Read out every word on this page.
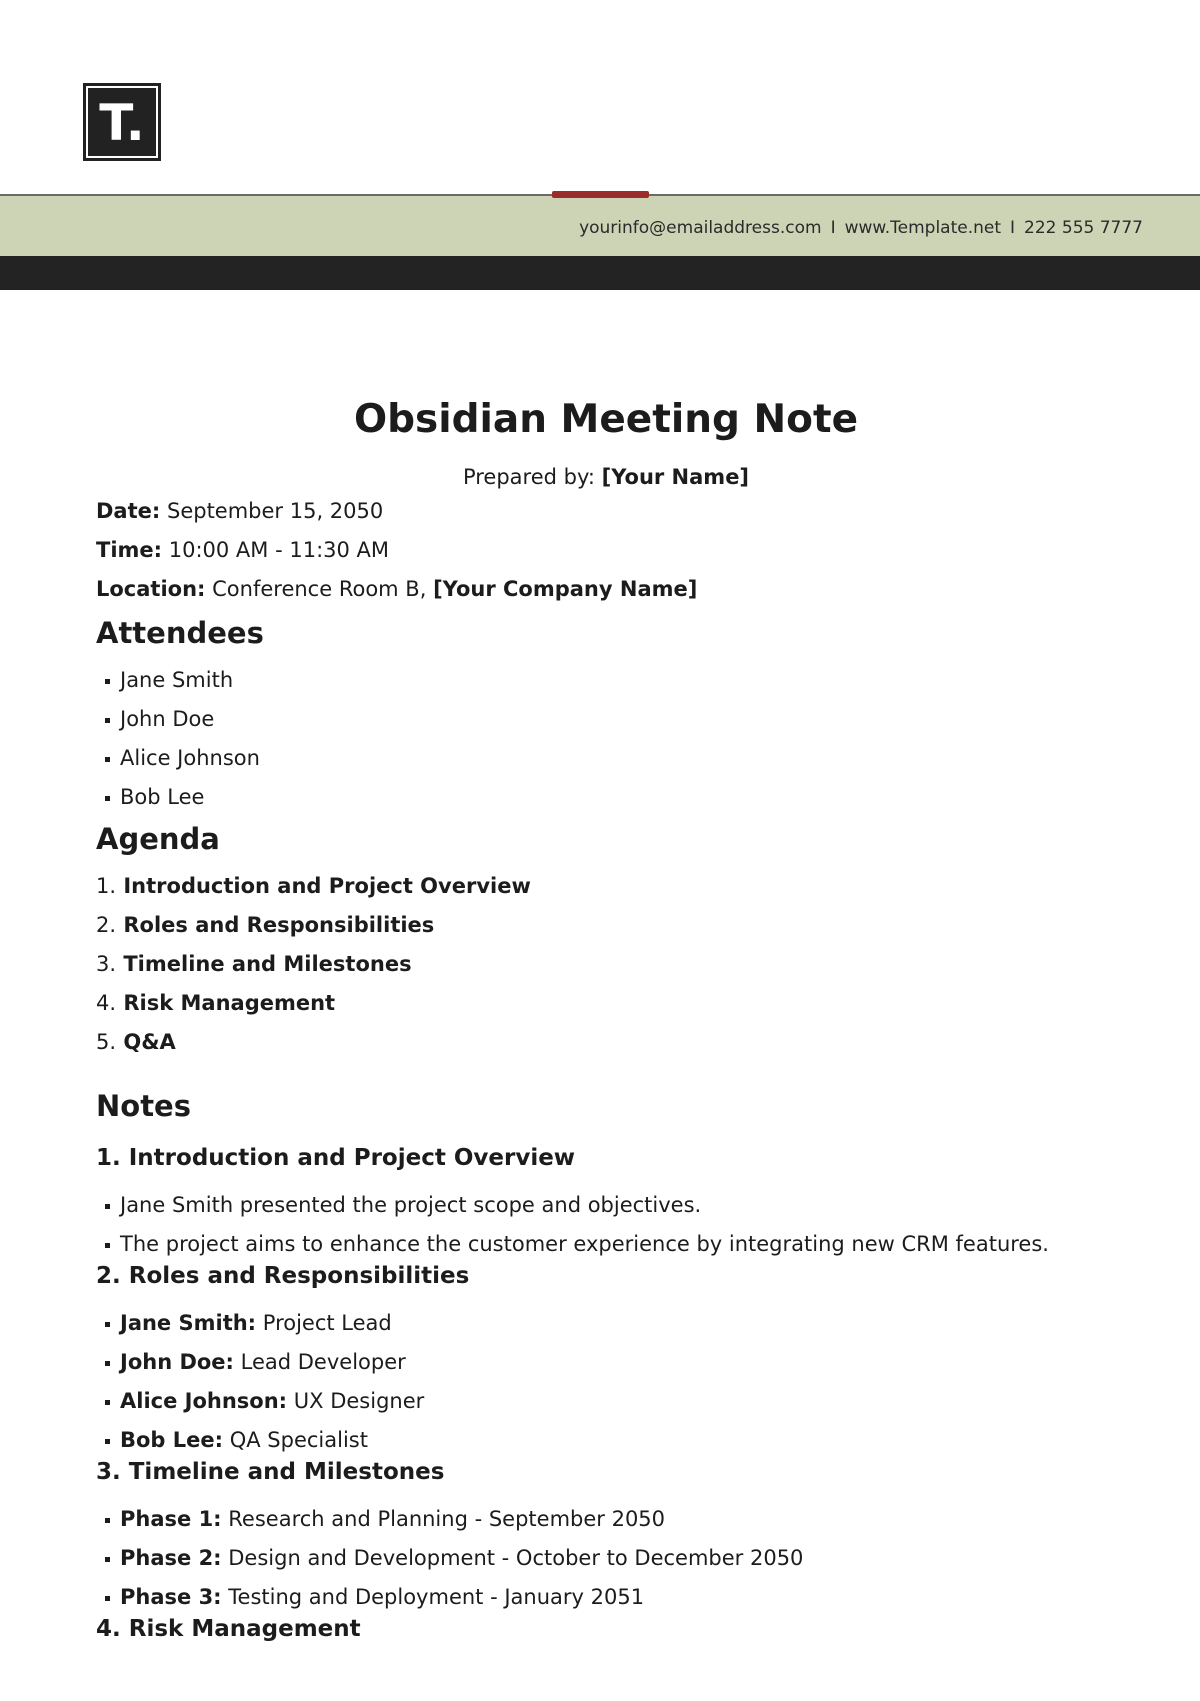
T.
yourinfo@emailaddress.com I www.Template.net I 222 555 7777
Obsidian Meeting Note
Prepared by: [Your Name]
Date: September 15, 2050
Time: 10:00 AM - 11:30 AM
Location: Conference Room B, [Your Company Name]
Attendees
Jane Smith
John Doe
Alice Johnson
Bob Lee
Agenda
1. Introduction and Project Overview
2. Roles and Responsibilities
3. Timeline and Milestones
4. Risk Management
5. Q&A
Notes
1. Introduction and Project Overview
Jane Smith presented the project scope and objectives.
The project aims to enhance the customer experience by integrating new CRM features.
2. Roles and Responsibilities
Jane Smith: Project Lead
John Doe: Lead Developer
Alice Johnson: UX Designer
Bob Lee: QA Specialist
3. Timeline and Milestones
Phase 1: Research and Planning - September 2050
Phase 2: Design and Development - October to December 2050
Phase 3: Testing and Deployment - January 2051
4. Risk Management
